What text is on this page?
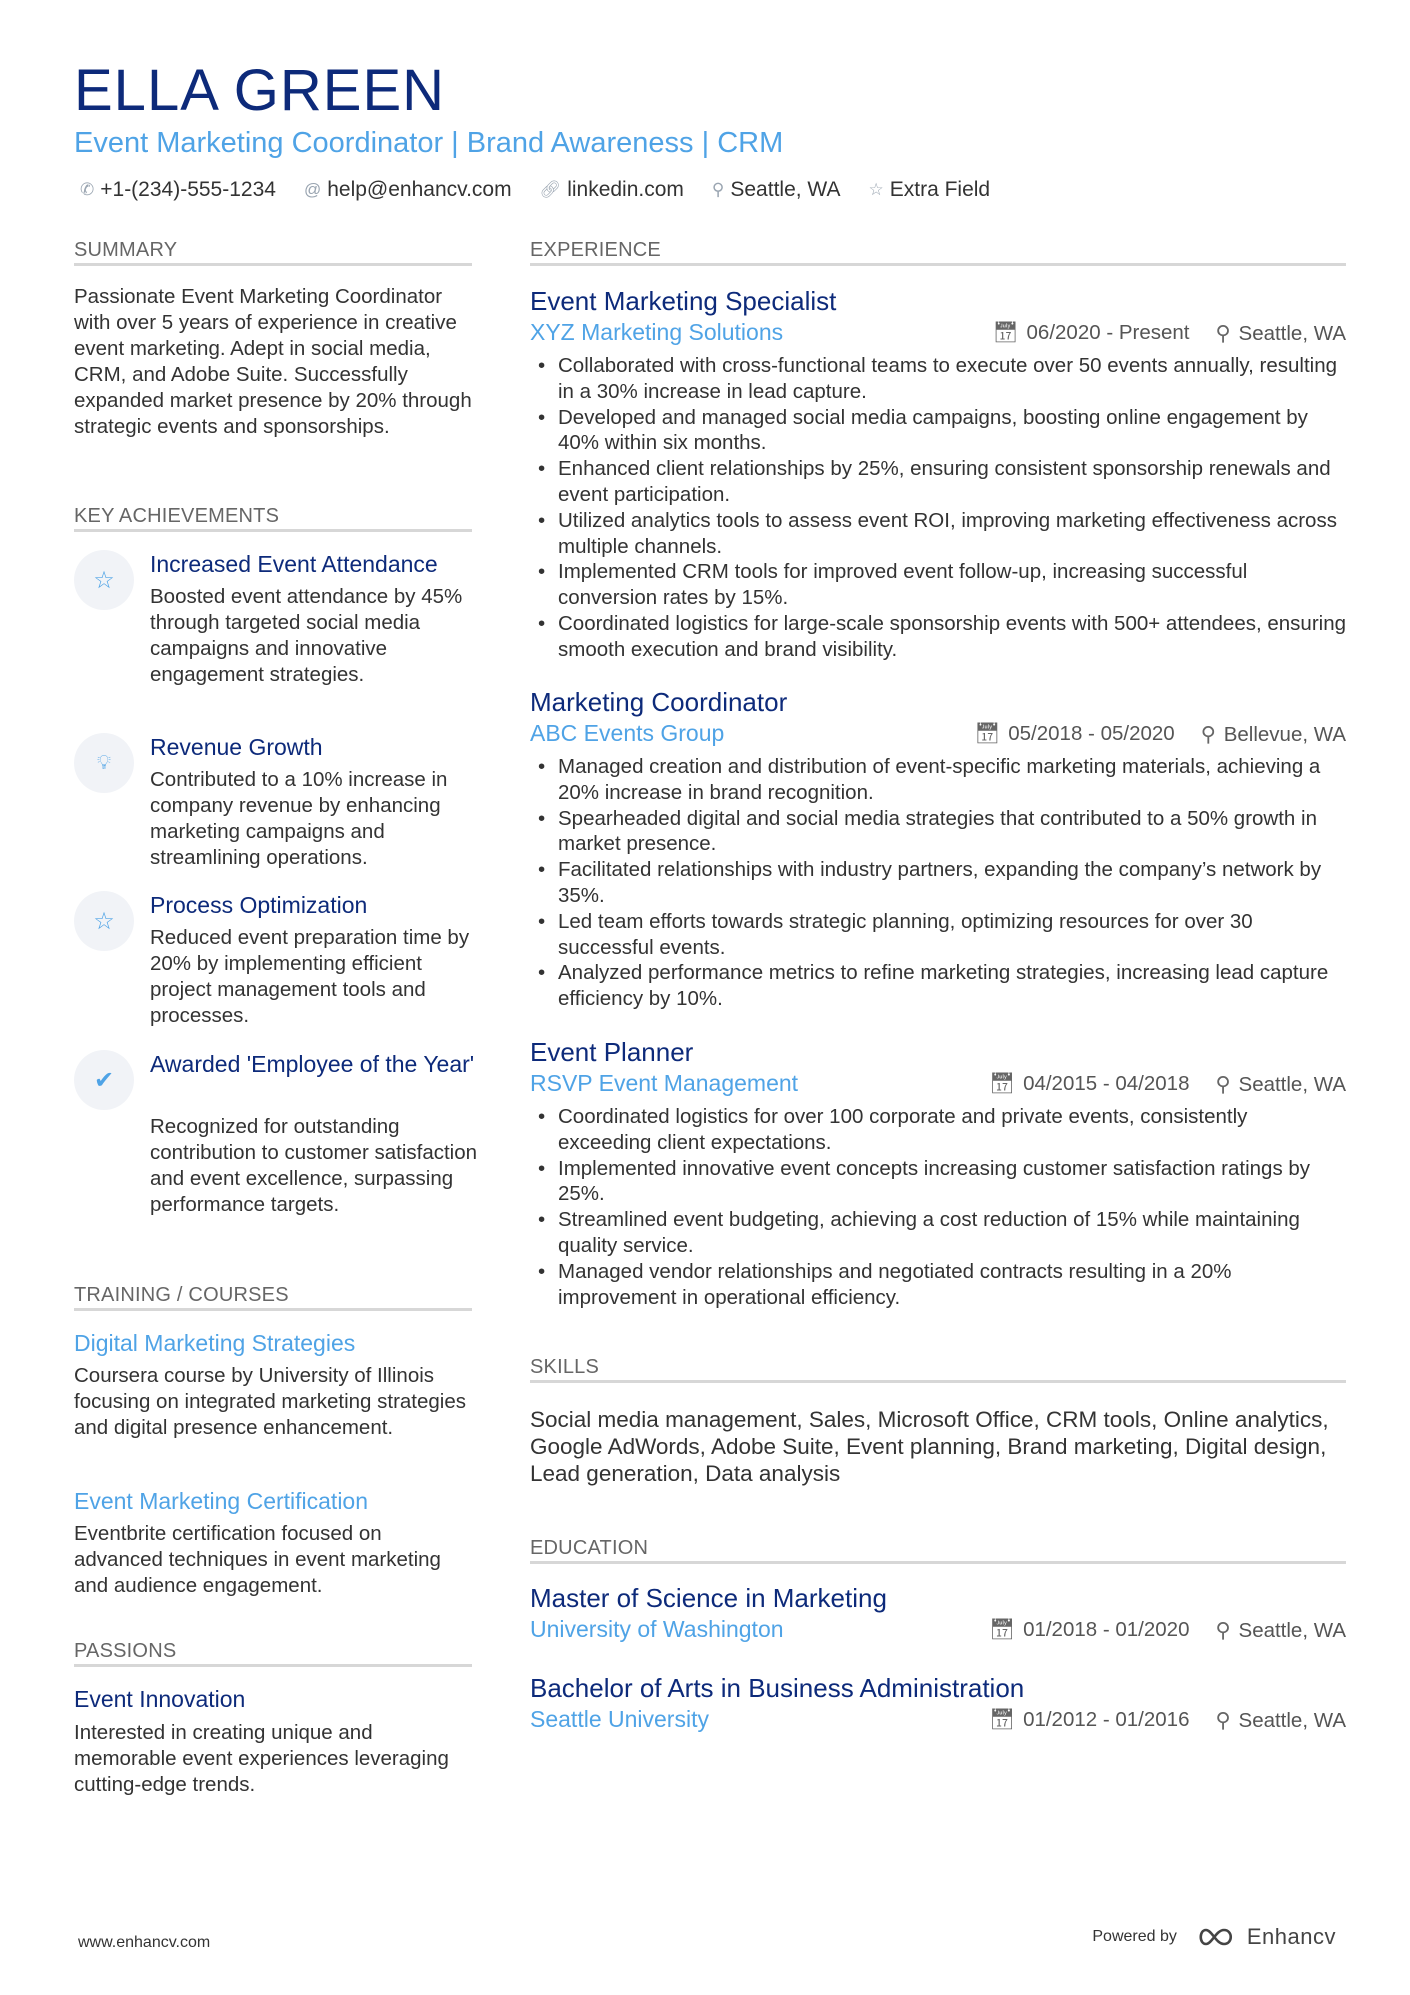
ELLA GREEN
Event Marketing Coordinator | Brand Awareness | CRM
✆ +1-(234)-555-1234 @ help@enhancv.com 🔗︎ linkedin.com ⚲ Seattle, WA ☆ Extra Field
SUMMARY
Passionate Event Marketing Coordinator with over 5 years of experience in creative event marketing. Adept in social media, CRM, and Adobe Suite. Successfully expanded market presence by 20% through strategic events and sponsorships.
KEY ACHIEVEMENTS
☆
Increased Event Attendance
Boosted event attendance by 45% through targeted social media campaigns and innovative engagement strategies.
💡︎
Revenue Growth
Contributed to a 10% increase in company revenue by enhancing marketing campaigns and streamlining operations.
☆
Process Optimization
Reduced event preparation time by 20% by implementing efficient project management tools and processes.
✔
Awarded 'Employee of the Year'
Recognized for outstanding contribution to customer satisfaction and event excellence, surpassing performance targets.
TRAINING / COURSES
Digital Marketing Strategies
Coursera course by University of Illinois focusing on integrated marketing strategies and digital presence enhancement.
Event Marketing Certification
Eventbrite certification focused on advanced techniques in event marketing and audience engagement.
PASSIONS
Event Innovation
Interested in creating unique and memorable event experiences leveraging cutting-edge trends.
EXPERIENCE
Event Marketing Specialist
XYZ Marketing Solutions	📅︎ 06/2020 - Present ⚲ Seattle, WA
• Collaborated with cross-functional teams to execute over 50 events annually, resulting in a 30% increase in lead capture.
• Developed and managed social media campaigns, boosting online engagement by 40% within six months.
• Enhanced client relationships by 25%, ensuring consistent sponsorship renewals and event participation.
• Utilized analytics tools to assess event ROI, improving marketing effectiveness across multiple channels.
• Implemented CRM tools for improved event follow-up, increasing successful conversion rates by 15%.
• Coordinated logistics for large-scale sponsorship events with 500+ attendees, ensuring smooth execution and brand visibility.
Marketing Coordinator
ABC Events Group	📅︎ 05/2018 - 05/2020 ⚲ Bellevue, WA
• Managed creation and distribution of event-specific marketing materials, achieving a 20% increase in brand recognition.
• Spearheaded digital and social media strategies that contributed to a 50% growth in market presence.
• Facilitated relationships with industry partners, expanding the company’s network by 35%.
• Led team efforts towards strategic planning, optimizing resources for over 30 successful events.
• Analyzed performance metrics to refine marketing strategies, increasing lead capture efficiency by 10%.
Event Planner
RSVP Event Management	📅︎ 04/2015 - 04/2018 ⚲ Seattle, WA
• Coordinated logistics for over 100 corporate and private events, consistently exceeding client expectations.
• Implemented innovative event concepts increasing customer satisfaction ratings by 25%.
• Streamlined event budgeting, achieving a cost reduction of 15% while maintaining quality service.
• Managed vendor relationships and negotiated contracts resulting in a 20% improvement in operational efficiency.
SKILLS
Social media management, Sales, Microsoft Office, CRM tools, Online analytics, Google AdWords, Adobe Suite, Event planning, Brand marketing, Digital design, Lead generation, Data analysis
EDUCATION
Master of Science in Marketing
University of Washington	📅︎ 01/2018 - 01/2020 ⚲ Seattle, WA
Bachelor of Arts in Business Administration
Seattle University	📅︎ 01/2012 - 01/2016 ⚲ Seattle, WA
www.enhancv.com	Powered by	Enhancv
